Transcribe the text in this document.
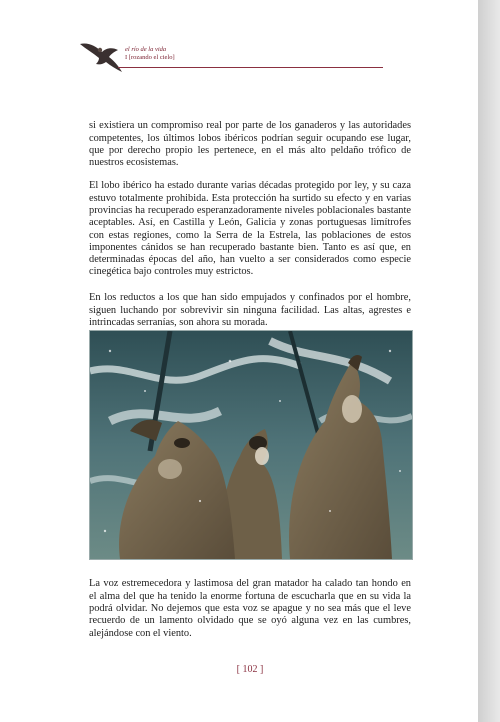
el río de la vida
I [rozando el cielo]

si existiera un compromiso real por parte de los ganaderos y las autoridades competentes, los últimos lobos ibéricos podrían seguir ocupando ese lugar, que por derecho propio les pertenece, en el más alto peldaño trófico de nuestros ecosistemas.

El lobo ibérico ha estado durante varias décadas protegido por ley, y su caza estuvo totalmente prohibida. Esta protección ha surtido su efecto y en varias provincias ha recuperado esperanzadoramente niveles poblacionales bastante aceptables. Así, en Castilla y León, Galicia y zonas portuguesas limítrofes con estas regiones, como la Serra de la Estrela, las poblaciones de estos imponentes cánidos se han recuperado bastante bien. Tanto es así que, en determinadas épocas del año, han vuelto a ser considerados como especie cinegética bajo controles muy estrictos.

En los reductos a los que han sido empujados y confinados por el hombre, siguen luchando por sobrevivir sin ninguna facilidad. Las altas, agrestes e intrincadas serranías, son ahora su morada.

La voz estremecedora y lastimosa del gran matador ha calado tan hondo en el alma del que ha tenido la enorme fortuna de escucharla que en su vida la podrá olvidar. No dejemos que esta voz se apague y no sea más que el leve recuerdo de un lamento olvidado que se oyó alguna vez en las cumbres, alejándose con el viento.

[ 102 ]
